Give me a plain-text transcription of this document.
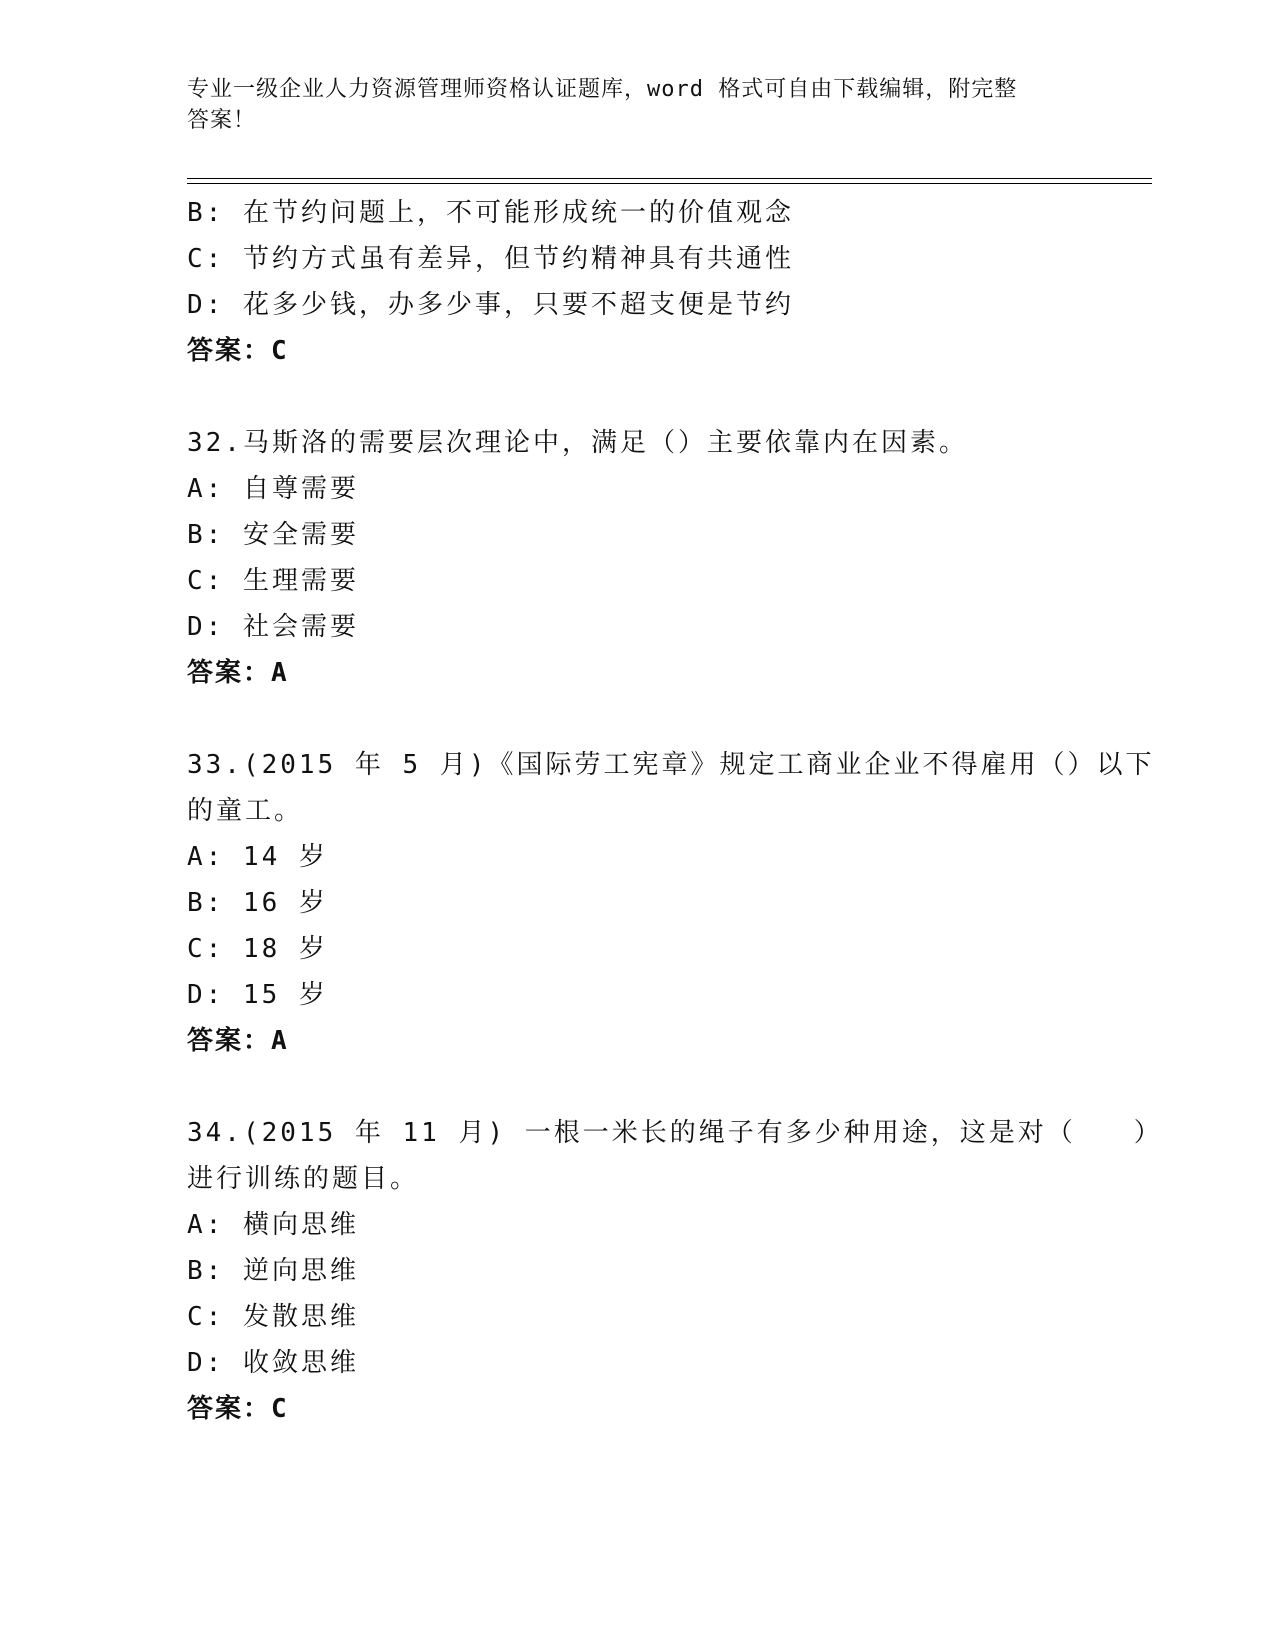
专业一级企业人力资源管理师资格认证题库，word 格式可自由下载编辑，附完整
答案！
B: 在节约问题上，不可能形成统一的价值观念
C: 节约方式虽有差异，但节约精神具有共通性
D: 花多少钱，办多少事，只要不超支便是节约
答案：C
32.马斯洛的需要层次理论中，满足（）主要依靠内在因素。
A: 自尊需要
B: 安全需要
C: 生理需要
D: 社会需要
答案：A
33.(2015 年 5 月)《国际劳工宪章》规定工商业企业不得雇用（）以下
的童工。
A: 14 岁
B: 16 岁
C: 18 岁
D: 15 岁
答案：A
34.(2015 年 11 月) 一根一米长的绳子有多少种用途，这是对（　　）
进行训练的题目。
A: 横向思维
B: 逆向思维
C: 发散思维
D: 收敛思维
答案：C
